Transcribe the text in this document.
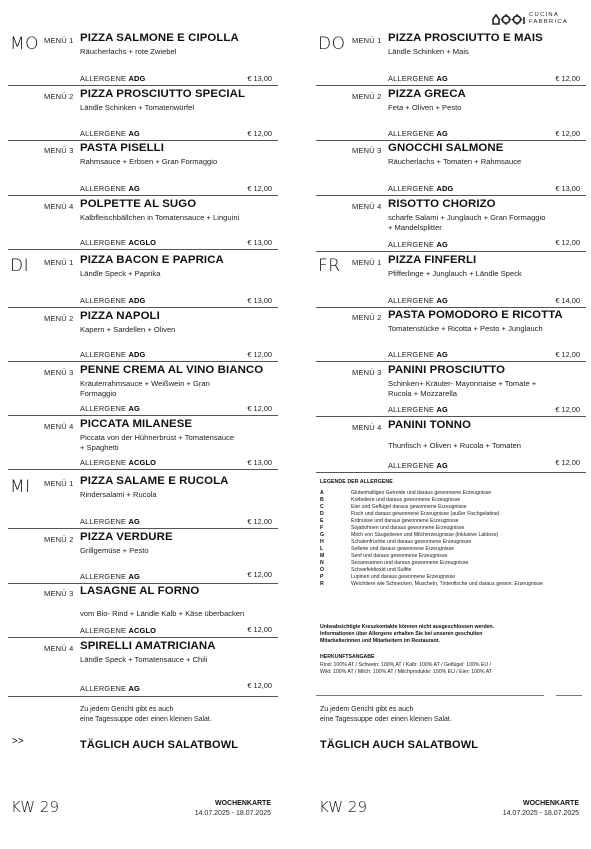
CUCINA
FABBRICA
MO MENÜ 1 PIZZA SALMONE E CIPOLLA
Räucherlachs + rote Zwiebel
ALLERGENE ADG	€ 13,00
MENÜ 2 PIZZA PROSCIUTTO SPECIAL
Ländle Schinken + Tomatenwürfel
ALLERGENE AG	€ 12,00
MENÜ 3 PASTA PISELLI
Rahmsauce + Erbsen + Gran Formaggio
ALLERGENE AG	€ 12,00
MENÜ 4 POLPETTE AL SUGO
Kalbfleischbällchen in Tomatensauce + Linguini
ALLERGENE ACGLO	€ 13,00
DI MENÜ 1 PIZZA BACON E PAPRICA
Ländle Speck + Paprika
ALLERGENE ADG	€ 13,00
MENÜ 2 PIZZA NAPOLI
Kapern + Sardellen + Oliven
ALLERGENE ADG	€ 12,00
MENÜ 3 PENNE CREMA AL VINO BIANCO
Kräuterrahmsauce + Weißwein + Gran Formaggio
ALLERGENE AG	€ 12,00
MENÜ 4 PICCATA MILANESE
Piccata von der Hühnerbrust + Tomatensauce + Spaghetti
ALLERGENE ACGLO	€ 13,00
MI MENÜ 1 PIZZA SALAME E RUCOLA
Rindersalami + Rucola
ALLERGENE AG	€ 12,00
MENÜ 2 PIZZA VERDURE
Grillgemüse + Pesto
ALLERGENE AG	€ 12,00
MENÜ 3 LASAGNE AL FORNO
vom Bio- Rind + Ländle Kalb + Käse überbacken
ALLERGENE ACGLO	€ 12,00
MENÜ 4 SPIRELLI AMATRICIANA
Ländle Speck + Tomatensauce + Chili
ALLERGENE AG	€ 12,00
Zu jedem Gericht gibt es auch
eine Tagessuppe oder einen kleinen Salat.
>>	TÄGLICH AUCH SALATBOWL
KW 29	WOCHENKARTE
14.07.2025 - 18.07.2025
DO MENÜ 1 PIZZA PROSCIUTTO E MAIS
Ländle Schinken + Mais
ALLERGENE AG	€ 12,00
MENÜ 2 PIZZA GRECA
Feta + Oliven + Pesto
ALLERGENE AG	€ 12,00
MENÜ 3 GNOCCHI SALMONE
Räucherlachs + Tomaten + Rahmsauce
ALLERGENE ADG	€ 13,00
MENÜ 4 RISOTTO CHORIZO
scharfe Salami + Junglauch + Gran Formaggio + Mandelsplitter
ALLERGENE AG	€ 12,00
FR MENÜ 1 PIZZA FINFERLI
Pfifferlinge + Junglauch + Ländle Speck
ALLERGENE AG	€ 14,00
MENÜ 2 PASTA POMODORO E RICOTTA
Tomatenstücke + Ricotta + Pesto + Junglauch
ALLERGENE AG	€ 12,00
MENÜ 3 PANINI PROSCIUTTO
Schinken+ Kräuter- Mayonnaise + Tomate + Rucola + Mozzarella
ALLERGENE AG	€ 12,00
MENÜ 4 PANINI TONNO
Thunfisch + Oliven + Rucola + Tomaten
ALLERGENE AG	€ 12,00
Zu jedem Gericht gibt es auch
eine Tagessuppe oder einen kleinen Salat.
TÄGLICH AUCH SALATBOWL
KW 29	WOCHENKARTE
14.07.2025 - 18.07.2025
LEGENDE DER ALLERGENE
A	Glutenhaltiges Getreide und daraus gewonnene Erzeugnisse
B	Krebstiere und daraus gewonnene Erzeugnisse
C	Eier und Geflügel daraus gewonnene Erzeugnisse
D	Fisch und daraus gewonnene Erzeugnisse (außer Fischgelatine)
E	Erdnüsse und daraus gewonnene Erzeugnisse
F	Sojabohnen und daraus gewonnene Erzeugnisse
G	Milch von Säugetieren und Milcherzeugnisse (inklusive Laktose)
H	Schalenfrüchte und daraus gewonnene Erzeugnisse
L	Sellerie und daraus gewonnene Erzeugnisse
M	Senf und daraus gewonnene Erzeugnisse
N	Sesamsamen und daraus gewonnene Erzeugnisse
O	Schwefeldioxid und Sulfite
P	Lupinen und daraus gewonnene Erzeugnisse
R	Weichtiere wie Schnecken, Muscheln, Tintenfische und daraus gewon. Erzeugnisse
Unbeabsichtigte Kreuzkontakte können nicht ausgeschlossen werden.
Informationen über Allergene erhalten Sie bei unseren geschulten
Mitarbeiterinnen und Mitarbeitern im Restaurant.
HERKUNFTSANGABE
Rind: 100% AT / Schwein: 100% AT / Kalb: 100% AT / Geflügel: 100% EU /
Wild: 100% AT / Milch: 100% AT / Milchprodukte: 100% EU / Eier: 100% AT
